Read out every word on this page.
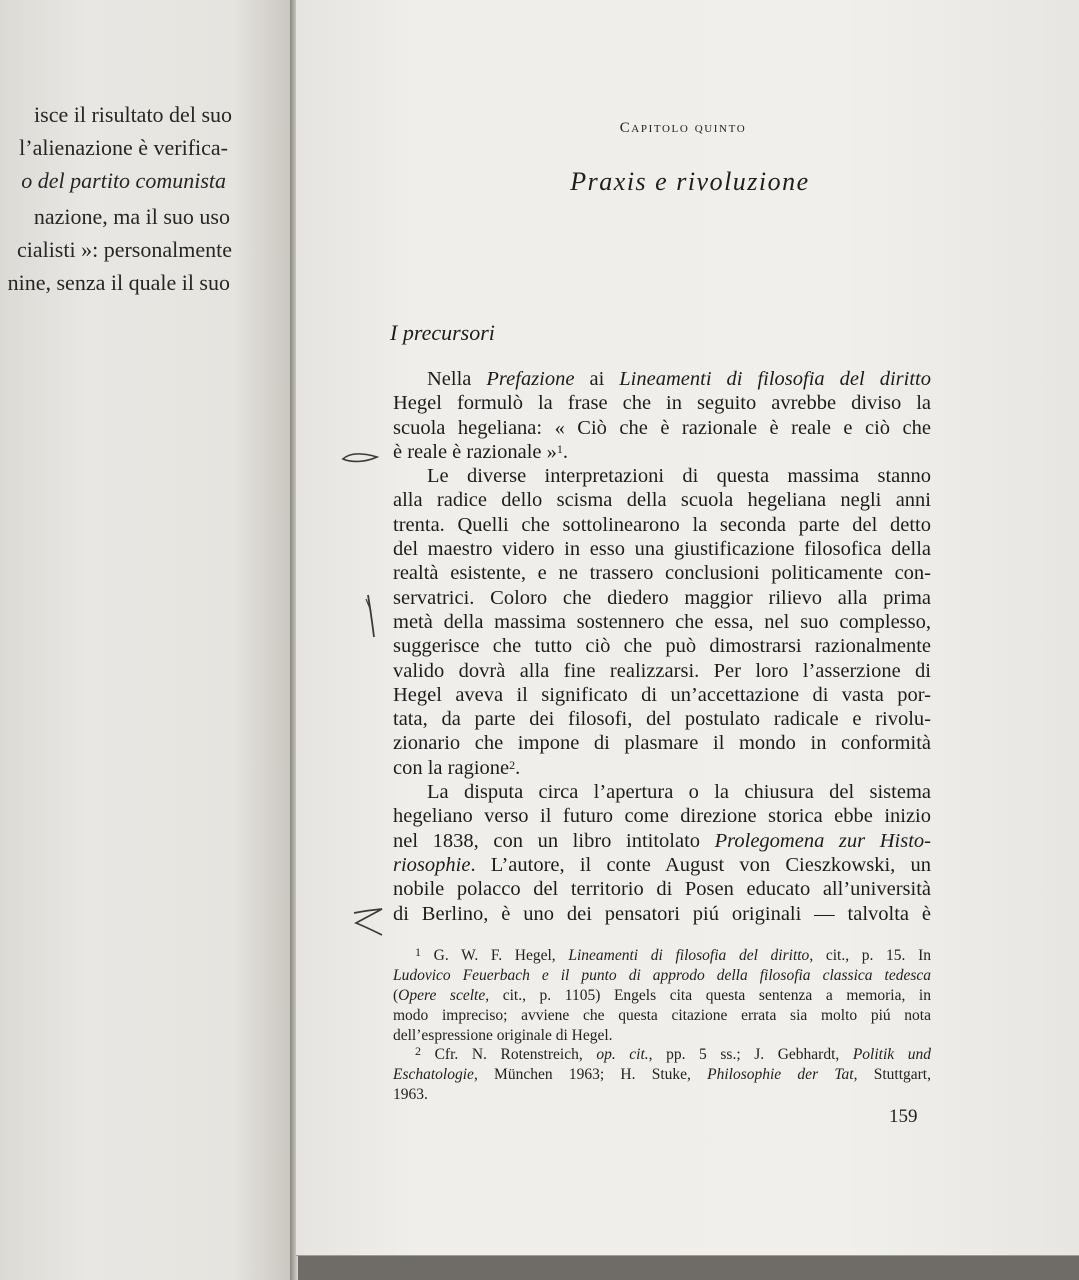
isce il risultato del suo
l’alienazione è verifica-
o del partito comunista
nazione, ma il suo uso
cialisti »: personalmente
nine, senza il quale il suo
Capitolo quinto
Praxis e rivoluzione
I precursori
Nella Prefazione ai Lineamenti di filosofia del diritto
Hegel formulò la frase che in seguito avrebbe diviso la
scuola hegeliana: « Ciò che è razionale è reale e ciò che
è reale è razionale »$^1$.
Le diverse interpretazioni di questa massima stanno
alla radice dello scisma della scuola hegeliana negli anni
trenta. Quelli che sottolinearono la seconda parte del detto
del maestro videro in esso una giustificazione filosofica della
realtà esistente, e ne trassero conclusioni politicamente con-
servatrici. Coloro che diedero maggior rilievo alla prima
metà della massima sostennero che essa, nel suo complesso,
suggerisce che tutto ciò che può dimostrarsi razionalmente
valido dovrà alla fine realizzarsi. Per loro l’asserzione di
Hegel aveva il significato di un’accettazione di vasta por-
tata, da parte dei filosofi, del postulato radicale e rivolu-
zionario che impone di plasmare il mondo in conformità
con la ragione$^2$.
La disputa circa l’apertura o la chiusura del sistema
hegeliano verso il futuro come direzione storica ebbe inizio
nel 1838, con un libro intitolato Prolegomena zur Histo-
riosophie. L’autore, il conte August von Cieszkowski, un
nobile polacco del territorio di Posen educato all’università
di Berlino, è uno dei pensatori piú originali — talvolta è
$^1$ G. W. F. Hegel, Lineamenti di filosofia del diritto, cit., p. 15. In
Ludovico Feuerbach e il punto di approdo della filosofia classica tedesca
(Opere scelte, cit., p. 1105) Engels cita questa sentenza a memoria, in
modo impreciso; avviene che questa citazione errata sia molto piú nota
dell’espressione originale di Hegel.
$^2$ Cfr. N. Rotenstreich, op. cit., pp. 5 ss.; J. Gebhardt, Politik und
Eschatologie, München 1963; H. Stuke, Philosophie der Tat, Stuttgart,
1963.
159
